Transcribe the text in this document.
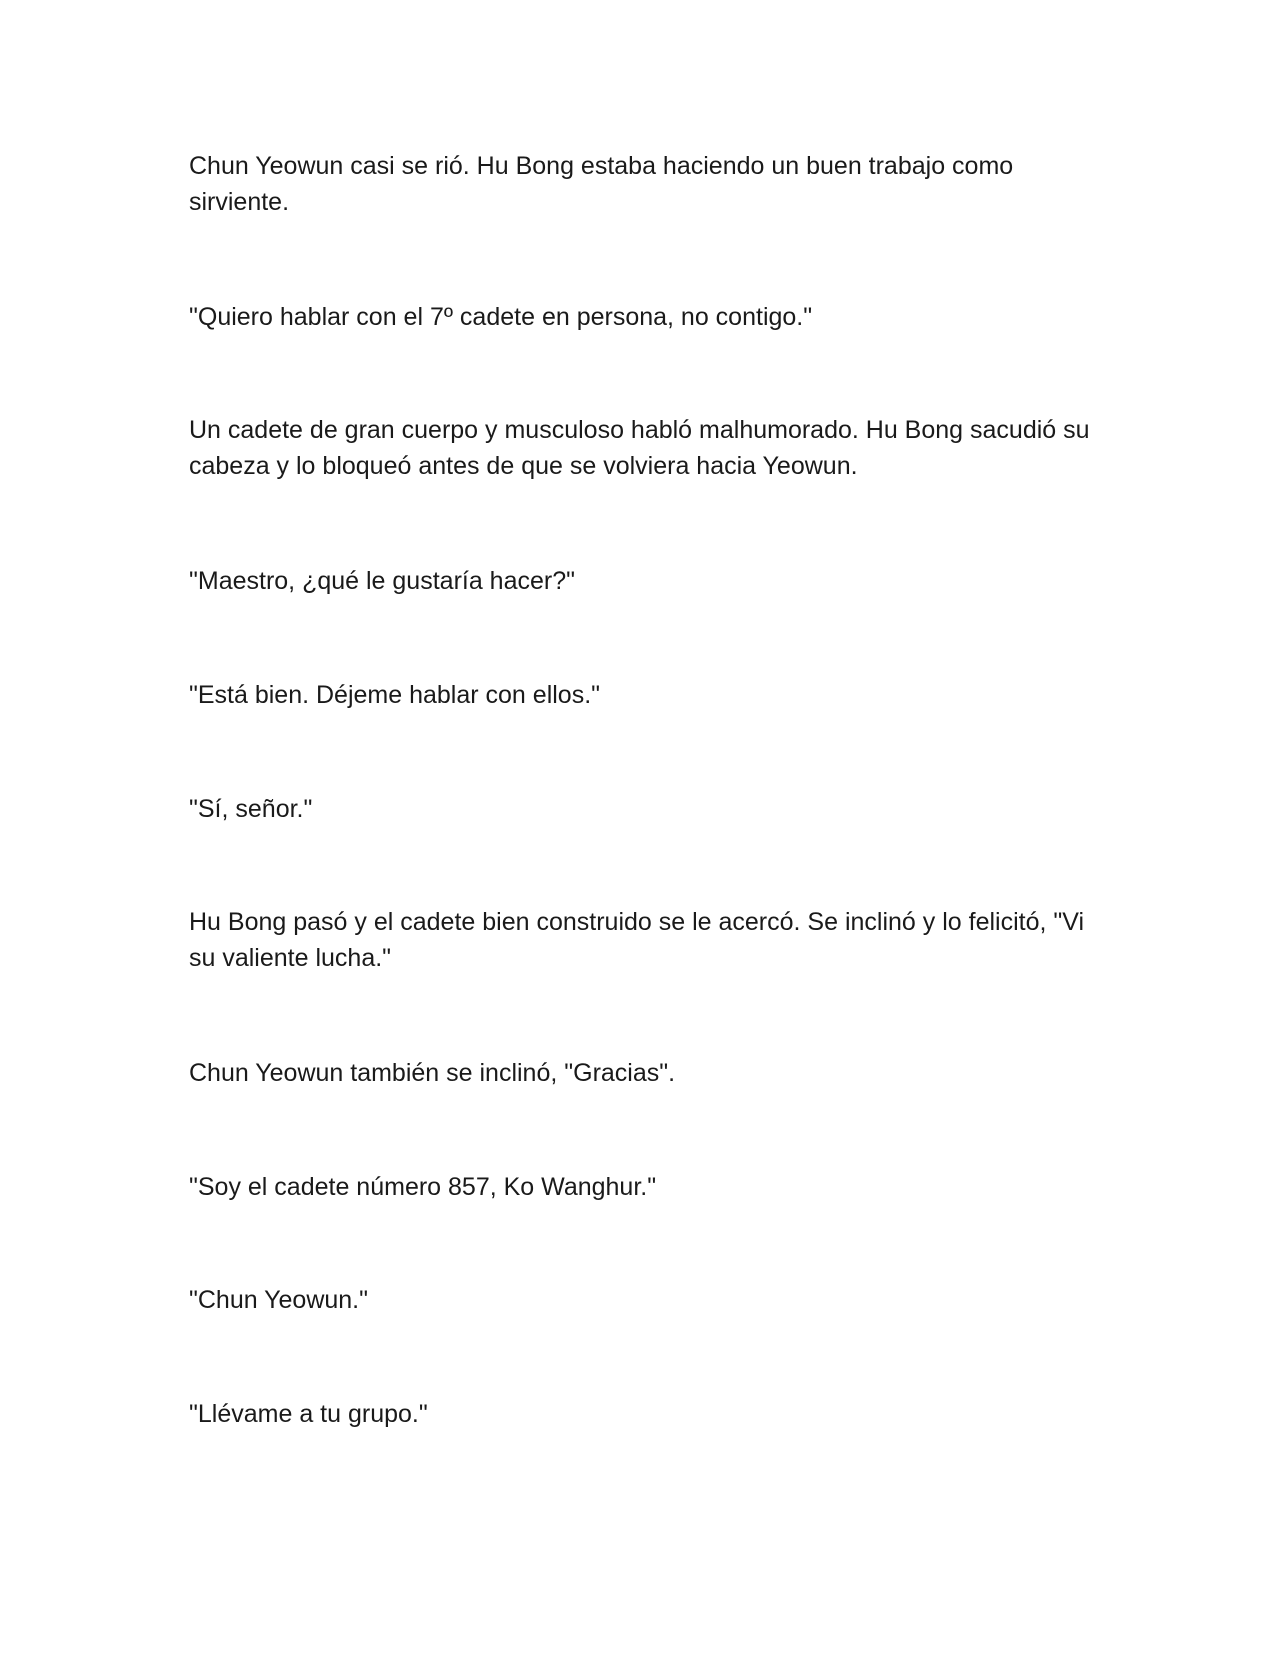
Chun Yeowun casi se rió. Hu Bong estaba haciendo un buen trabajo como sirviente.

"Quiero hablar con el 7º cadete en persona, no contigo."

Un cadete de gran cuerpo y musculoso habló malhumorado. Hu Bong sacudió su cabeza y lo bloqueó antes de que se volviera hacia Yeowun.

"Maestro, ¿qué le gustaría hacer?"

"Está bien. Déjeme hablar con ellos."

"Sí, señor."

Hu Bong pasó y el cadete bien construido se le acercó. Se inclinó y lo felicitó, "Vi su valiente lucha."

Chun Yeowun también se inclinó, "Gracias".

"Soy el cadete número 857, Ko Wanghur."

"Chun Yeowun."

"Llévame a tu grupo."
